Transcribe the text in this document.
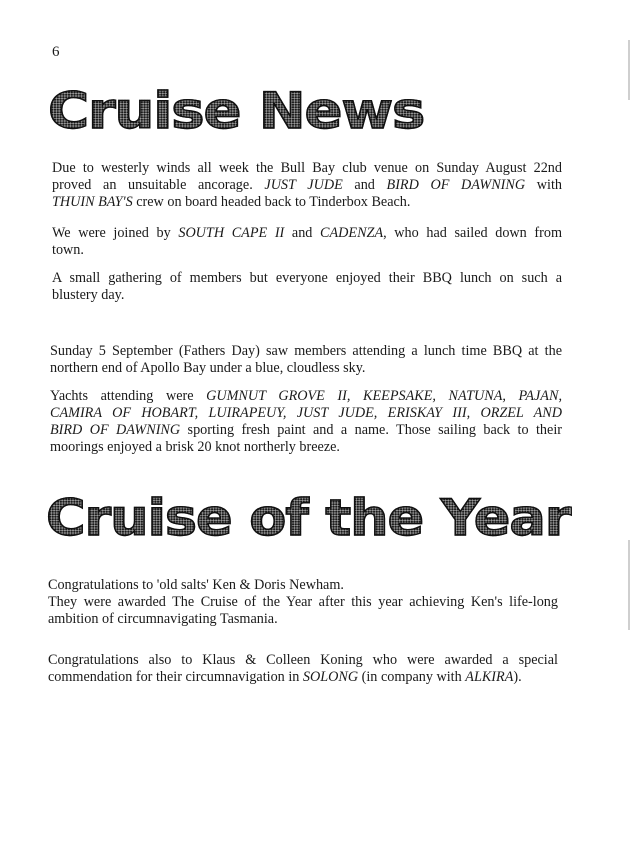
6
Cruise News
Due to westerly winds all week the Bull Bay club venue on Sunday August 22nd
proved an unsuitable ancorage. JUST JUDE and BIRD OF DAWNING with
THUIN BAY'S crew on board headed back to Tinderbox Beach.
We were joined by SOUTH CAPE II and CADENZA, who had sailed down from
town.
A small gathering of members but everyone enjoyed their BBQ lunch on such a
blustery day.
Sunday 5 September (Fathers Day) saw members attending a lunch time BBQ at the
northern end of Apollo Bay under a blue, cloudless sky.
Yachts attending were GUMNUT GROVE II, KEEPSAKE, NATUNA, PAJAN,
CAMIRA OF HOBART, LUIRAPEUY, JUST JUDE, ERISKAY III, ORZEL AND
BIRD OF DAWNING sporting fresh paint and a name. Those sailing back to their
moorings enjoyed a brisk 20 knot northerly breeze.
Cruise of the Year
Congratulations to 'old salts' Ken & Doris Newham.
They were awarded The Cruise of the Year after this year achieving Ken's life-long
ambition of circumnavigating Tasmania.
Congratulations also to Klaus & Colleen Koning who were awarded a special
commendation for their circumnavigation in SOLONG (in company with ALKIRA).
